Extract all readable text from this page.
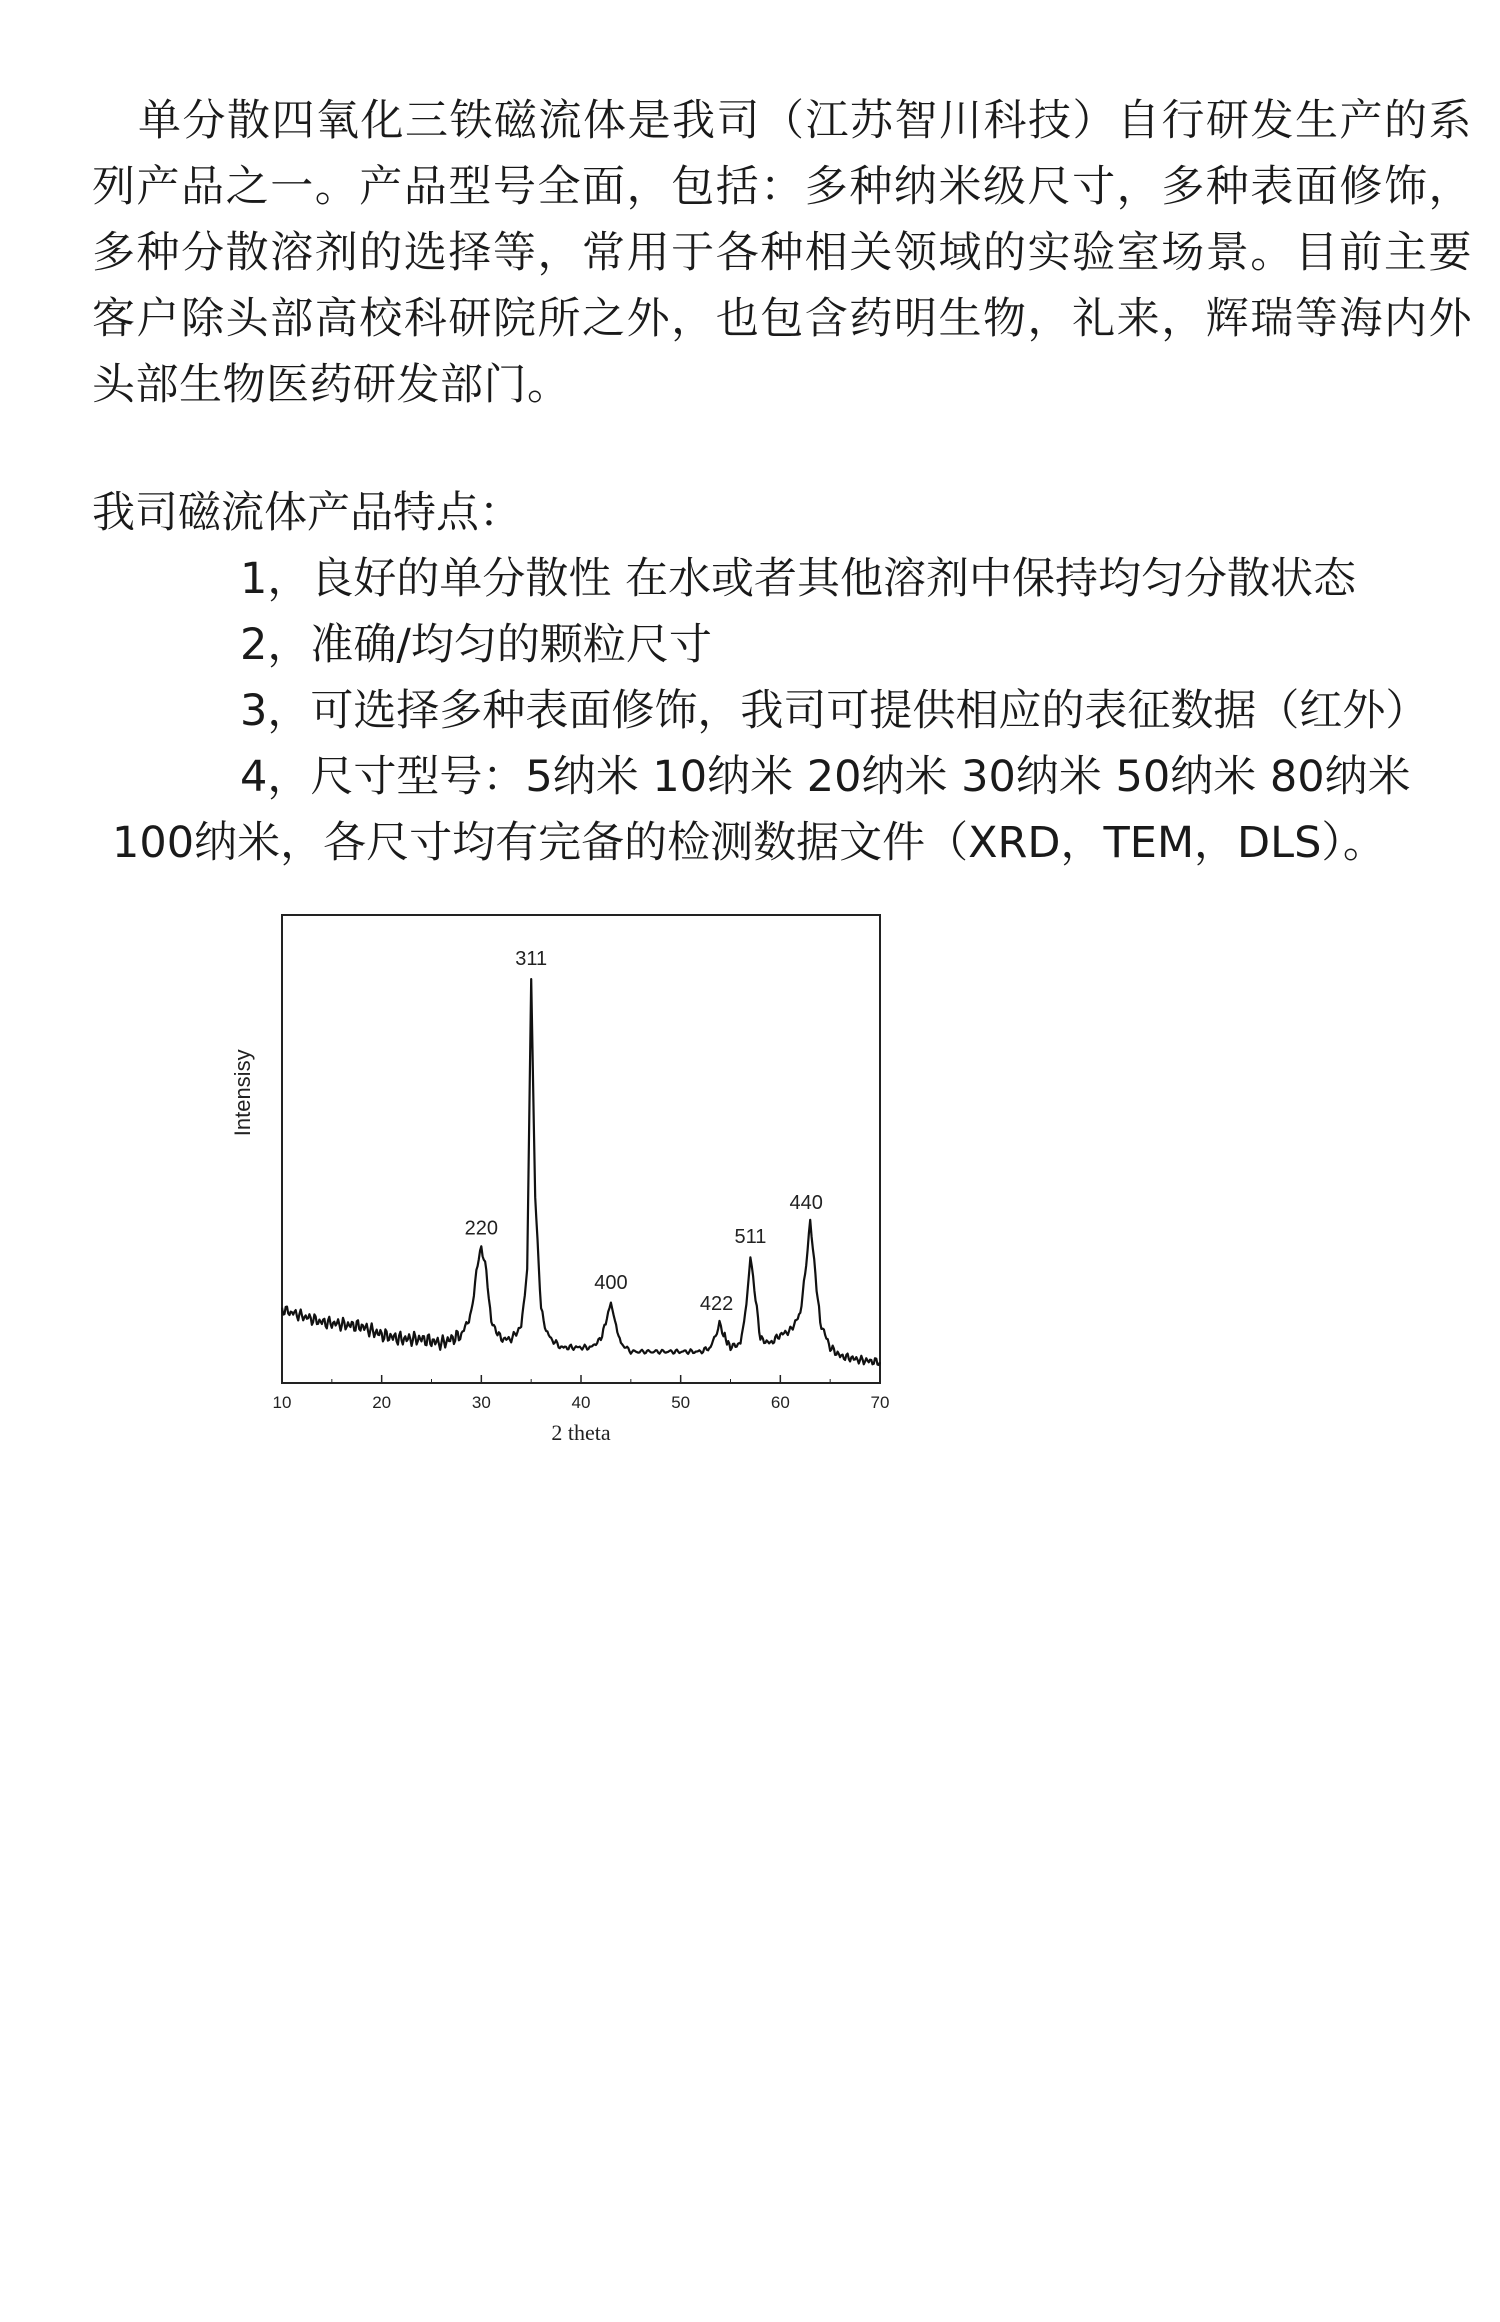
单分散四氧化三铁磁流体是我司（江苏智川科技）自行研发生产的系列产品之一。产品型号全面，包括：多种纳米级尺寸，多种表面修饰，多种分散溶剂的选择等，常用于各种相关领域的实验室场景。目前主要客户除头部高校科研院所之外，也包含药明生物，礼来，辉瑞等海内外头部生物医药研发部门。

我司磁流体产品特点：
1，良好的单分散性 在水或者其他溶剂中保持均匀分散状态
2，准确/均匀的颗粒尺寸
3，可选择多种表面修饰，我司可提供相应的表征数据（红外）
4，尺寸型号：5纳米 10纳米 20纳米 30纳米 50纳米 80纳米
100纳米，各尺寸均有完备的检测数据文件（XRD，TEM，DLS）。
10	20	30	40	50	60	70
2 theta
Intensisy
220
311
400
422
511
440
